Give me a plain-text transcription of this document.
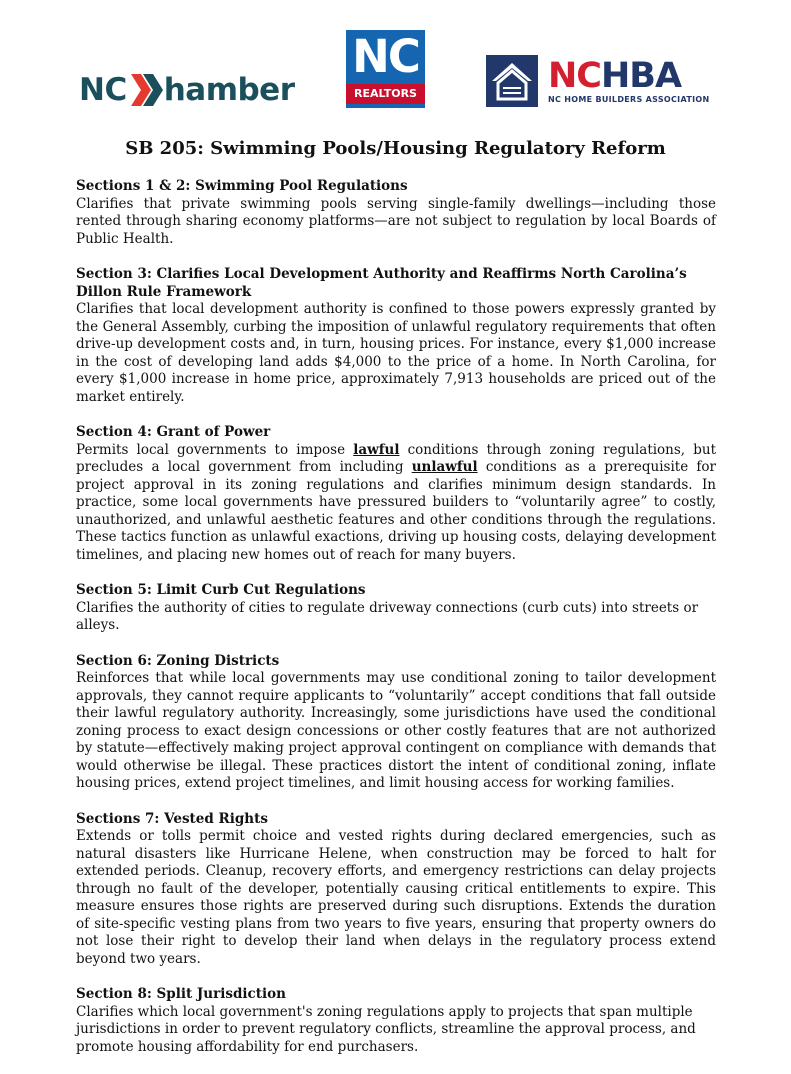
NC hamber
NC
REALTORS	NCHBA
NC HOME BUILDERS ASSOCIATION
SB 205: Swimming Pools/Housing Regulatory Reform
Sections 1 & 2: Swimming Pool Regulations
Clarifies that private swimming pools serving single-family dwellings—including those rented through sharing economy platforms—are not subject to regulation by local Boards of Public Health.
Section 3: Clarifies Local Development Authority and Reaffirms North Carolina’s Dillon Rule Framework
Clarifies that local development authority is confined to those powers expressly granted by the General Assembly, curbing the imposition of unlawful regulatory requirements that often drive-up development costs and, in turn, housing prices. For instance, every $1,000 increase in the cost of developing land adds $4,000 to the price of a home. In North Carolina, for every $1,000 increase in home price, approximately 7,913 households are priced out of the market entirely.
Section 4: Grant of Power
Permits local governments to impose lawful conditions through zoning regulations, but precludes a local government from including unlawful conditions as a prerequisite for project approval in its zoning regulations and clarifies minimum design standards. In practice, some local governments have pressured builders to “voluntarily agree” to costly, unauthorized, and unlawful aesthetic features and other conditions through the regulations. These tactics function as unlawful exactions, driving up housing costs, delaying development timelines, and placing new homes out of reach for many buyers.
Section 5: Limit Curb Cut Regulations
Clarifies the authority of cities to regulate driveway connections (curb cuts) into streets or alleys.
Section 6: Zoning Districts
Reinforces that while local governments may use conditional zoning to tailor development approvals, they cannot require applicants to “voluntarily” accept conditions that fall outside their lawful regulatory authority. Increasingly, some jurisdictions have used the conditional zoning process to exact design concessions or other costly features that are not authorized by statute—effectively making project approval contingent on compliance with demands that would otherwise be illegal. These practices distort the intent of conditional zoning, inflate housing prices, extend project timelines, and limit housing access for working families.
Sections 7: Vested Rights
Extends or tolls permit choice and vested rights during declared emergencies, such as natural disasters like Hurricane Helene, when construction may be forced to halt for extended periods. Cleanup, recovery efforts, and emergency restrictions can delay projects through no fault of the developer, potentially causing critical entitlements to expire. This measure ensures those rights are preserved during such disruptions. Extends the duration of site-specific vesting plans from two years to five years, ensuring that property owners do not lose their right to develop their land when delays in the regulatory process extend beyond two years.
Section 8: Split Jurisdiction
Clarifies which local government's zoning regulations apply to projects that span multiple jurisdictions in order to prevent regulatory conflicts, streamline the approval process, and promote housing affordability for end purchasers.
